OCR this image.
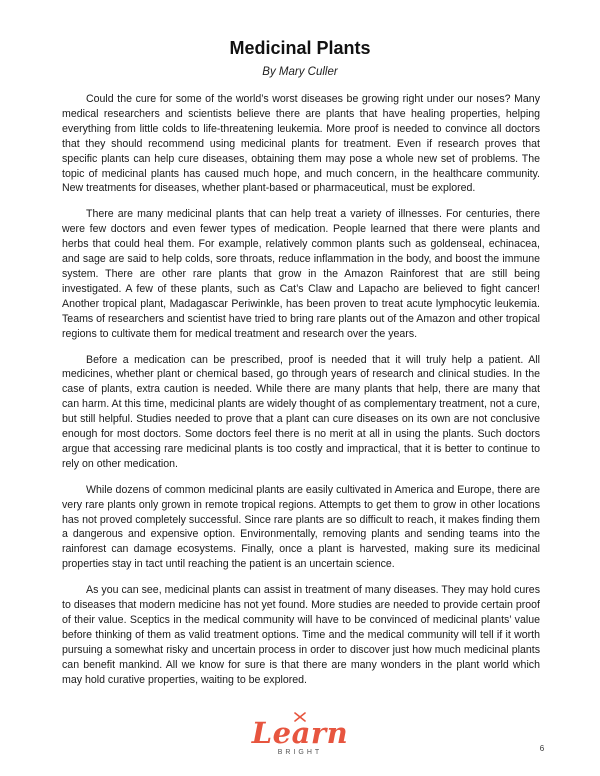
Medicinal Plants
By Mary Culler

Could the cure for some of the world’s worst diseases be growing right under our noses? Many medical researchers and scientists believe there are plants that have healing properties, helping everything from little colds to life-threatening leukemia. More proof is needed to convince all doctors that they should recommend using medicinal plants for treatment. Even if research proves that specific plants can help cure diseases, obtaining them may pose a whole new set of problems. The topic of medicinal plants has caused much hope, and much concern, in the healthcare community. New treatments for diseases, whether plant-based or pharmaceutical, must be explored.

There are many medicinal plants that can help treat a variety of illnesses. For centuries, there were few doctors and even fewer types of medication. People learned that there were plants and herbs that could heal them. For example, relatively common plants such as goldenseal, echinacea, and sage are said to help colds, sore throats, reduce inflammation in the body, and boost the immune system. There are other rare plants that grow in the Amazon Rainforest that are still being investigated. A few of these plants, such as Cat’s Claw and Lapacho are believed to fight cancer! Another tropical plant, Madagascar Periwinkle, has been proven to treat acute lymphocytic leukemia. Teams of researchers and scientist have tried to bring rare plants out of the Amazon and other tropical regions to cultivate them for medical treatment and research over the years.

Before a medication can be prescribed, proof is needed that it will truly help a patient. All medicines, whether plant or chemical based, go through years of research and clinical studies. In the case of plants, extra caution is needed. While there are many plants that help, there are many that can harm. At this time, medicinal plants are widely thought of as complementary treatment, not a cure, but still helpful. Studies needed to prove that a plant can cure diseases on its own are not conclusive enough for most doctors. Some doctors feel there is no merit at all in using the plants. Such doctors argue that accessing rare medicinal plants is too costly and impractical, that it is better to continue to rely on other medication.

While dozens of common medicinal plants are easily cultivated in America and Europe, there are very rare plants only grown in remote tropical regions. Attempts to get them to grow in other locations has not proved completely successful. Since rare plants are so difficult to reach, it makes finding them a dangerous and expensive option. Environmentally, removing plants and sending teams into the rainforest can damage ecosystems. Finally, once a plant is harvested, making sure its medicinal properties stay in tact until reaching the patient is an uncertain science.

As you can see, medicinal plants can assist in treatment of many diseases. They may hold cures to diseases that modern medicine has not yet found. More studies are needed to provide certain proof of their value. Sceptics in the medical community will have to be convinced of medicinal plants’ value before thinking of them as valid treatment options. Time and the medical community will tell if it worth pursuing a somewhat risky and uncertain process in order to discover just how much medicinal plants can benefit mankind. All we know for sure is that there are many wonders in the plant world which may hold curative properties, waiting to be explored.

Learn
BRIGHT	6
